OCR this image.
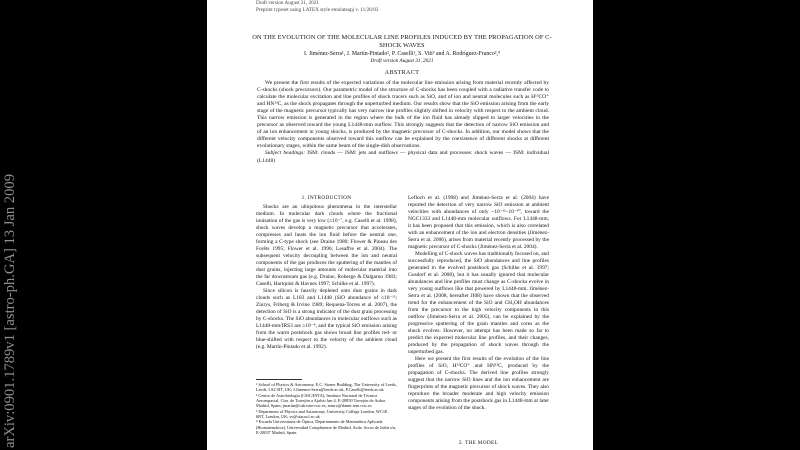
arXiv:0901.1789v1 [astro-ph.GA] 13 Jan 2009
Draft version August 31, 2021
Preprint typeset using LATEX style emulateapj v. 11/26/03
ON THE EVOLUTION OF THE MOLECULAR LINE PROFILES INDUCED BY THE PROPAGATION OF C-SHOCK WAVES
I. Jiménez-Serra¹, J. Martín-Pintado², P. Caselli¹, S. Viti³ and A. Rodríguez-Franco²,⁴
Draft version August 31, 2021
ABSTRACT

We present the first results of the expected variations of the molecular line emission arising from material recently affected by C-shocks (shock precursors). Our parametric model of the structure of C-shocks has been coupled with a radiative transfer code to calculate the molecular excitation and line profiles of shock tracers such as SiO, and of ion and neutral molecules such as H¹³CO⁺ and HN¹³C, as the shock propagates through the unperturbed medium. Our results show that the SiO emission arising from the early stage of the magnetic precursor typically has very narrow line profiles slightly shifted in velocity with respect to the ambient cloud. This narrow emission is generated in the region where the bulk of the ion fluid has already slipped to larger velocities in the precursor as observed toward the young L1448-mm outflow. This strongly suggests that the detection of narrow SiO emission and of an ion enhancement in young shocks, is produced by the magnetic precursor of C-shocks. In addition, our model shows that the different velocity components observed toward this outflow can be explained by the coexistence of different shocks at different evolutionary stages, within the same beam of the single-dish observations.

Subject headings: ISM: clouds — ISM: jets and outflows — physical data and processes: shock waves — ISM: individual (L1448)

1. INTRODUCTION

Shocks are an ubiquitous phenomena in the interstellar medium. In molecular dark clouds where the fractional ionisation of the gas is very low (≤10⁻⁷, e.g. Caselli et al. 1998), shock waves develop a magnetic precursor that accelerates, compresses and heats the ion fluid before the neutral one, forming a C-type shock (see Draine 1980; Flower & Pineau des Forêts 1995; Flower et al. 1996; Lesaffre et al. 2004). The subsequent velocity decoupling between the ion and neutral components of the gas produces the sputtering of the mantles of dust grains, injecting large amounts of molecular material into the far downstream gas (e.g. Draine, Roberge & Dalgarno 1983; Caselli, Hartquist & Havnes 1997; Schilke et al. 1997).

Since silicon is heavily depleted onto dust grains in dark clouds such as L183 and L1448 (SiO abundance of ≤10⁻¹²; Ziurys, Friberg & Irvine 1989; Requena-Torres et al. 2007), the detection of SiO is a strong indicator of the dust grain processing by C-shocks. The SiO abundances in molecular outflows such as L1448-mm/IRS3 are ≥10⁻⁸, and the typical SiO emission arising from the warm postshock gas shows broad line profiles red- or blue-shifted with respect to the velocity of the ambient cloud (e.g. Martín-Pintado et al. 1992).

¹ School of Physics & Astronomy, E.C. Stoner Building, The University of Leeds, Leeds, LS2 9JT, UK; I.Jimenez-Serra@leeds.ac.uk, P.Caselli@leeds.ac.uk

² Centro de Astrobiología (CSIC/INTA), Instituto Nacional de Técnica Aeroespacial, Ctra. de Torrejón a Ajalvir km 4, E-28850 Torrejón de Ardoz, Madrid, Spain; jmartin@cab.inta-csic.es, arturo@damir.iem.csic.es

³ Department of Physics and Astronomy, University College London, WC1E 6BT, London, UK; sv@star.ucl.ac.uk

⁴ Escuela Universitaria de Óptica, Departamento de Matemática Aplicada (Biomatemática), Universidad Complutense de Madrid, Avda. Arcos de Jalón s/n, E-28037 Madrid, Spain

Lefloch et al. (1998) and Jiménez-Serra et al. (2004) have reported the detection of very narrow SiO emission at ambient velocities with abundances of only ~10⁻¹¹–10⁻¹⁰, toward the NGC1333 and L1448-mm molecular outflows. For L1448-mm, it has been proposed that this emission, which is also correlated with an enhancement of the ion and electron densities (Jiménez-Serra et al. 2006), arises from material recently processed by the magnetic precursor of C-shocks (Jiménez-Serra et al. 2004).

Modelling of C-shock waves has traditionally focused on, and successfully reproduced, the SiO abundances and line profiles generated in the evolved postshock gas (Schilke et al. 1997; Gusdorf et al. 2008), but it has usually ignored that molecular abundances and line profiles must change as C-shocks evolve in very young outflows like that powered by L1448-mm. Jiménez-Serra et al. (2008, hereafter JI08) have shown that the observed trend for the enhancement of the SiO and CH₃OH abundances from the precursor to the high velocity components in this outflow (Jiménez-Serra et al. 2005), can be explained by the progressive sputtering of the grain mantles and cores as the shock evolves. However, no attempt has been made so far to predict the expected molecular line profiles, and their changes, produced by the propagation of shock waves through the unperturbed gas.

Here we present the first results of the evolution of the line profiles of SiO, H¹³CO⁺ and HN¹³C, produced by the propagation of C-shocks. The derived line profiles strongly suggest that the narrow SiO lines and the ion enhancement are fingerprints of the magnetic precursor of shock waves. They also reproduce the broader moderate and high velocity emission components arising from the postshock gas in L1448-mm at later stages of the evolution of the shock.

2. THE MODEL
